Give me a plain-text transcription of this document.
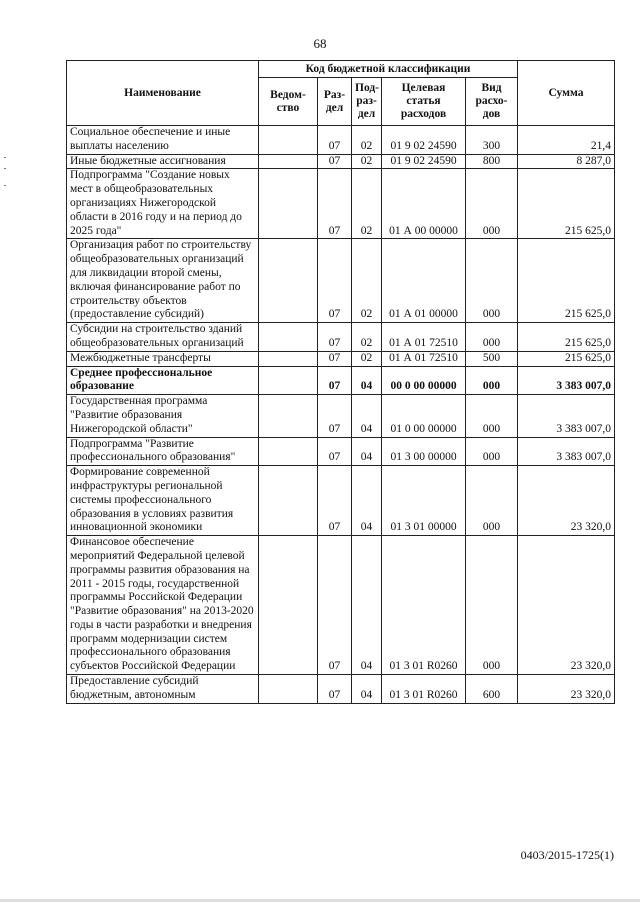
68
Наименование	Код бюджетной классификации					Сумма
	Ведом-ство	Раз-дел	Под-раз-дел	Целевая статья расходов	Вид расхо-дов	
Социальное обеспечение и иные выплаты населению		07	02	01 9 02 24590	300	21,4
Иные бюджетные ассигнования		07	02	01 9 02 24590	800	8 287,0
Подпрограмма "Создание новых мест в общеобразовательных организациях Нижегородской области в 2016 году и на период до 2025 года"		07	02	01 А 00 00000	000	215 625,0
Организация работ по строительству общеобразовательных организаций для ликвидации второй смены, включая финансирование работ по строительству объектов (предоставление субсидий)		07	02	01 А 01 00000	000	215 625,0
Субсидии на строительство зданий общеобразовательных организаций		07	02	01 А 01 72510	000	215 625,0
Межбюджетные трансферты		07	02	01 А 01 72510	500	215 625,0
Среднее профессиональное образование		07	04	00 0 00 00000	000	3 383 007,0
Государственная программа "Развитие образования Нижегородской области"		07	04	01 0 00 00000	000	3 383 007,0
Подпрограмма "Развитие профессионального образования"		07	04	01 3 00 00000	000	3 383 007,0
Формирование современной инфраструктуры региональной системы профессионального образования в условиях развития инновационной экономики		07	04	01 3 01 00000	000	23 320,0
Финансовое обеспечение мероприятий Федеральной целевой программы развития образования на 2011 - 2015 годы, государственной программы Российской Федерации "Развитие образования" на 2013-2020 годы в части разработки и внедрения программ модернизации систем профессионального образования субъектов Российской Федерации		07	04	01 3 01 R0260	000	23 320,0
Предоставление субсидий бюджетным, автономным		07	04	01 3 01 R0260	600	23 320,0
0403/2015-1725(1)
